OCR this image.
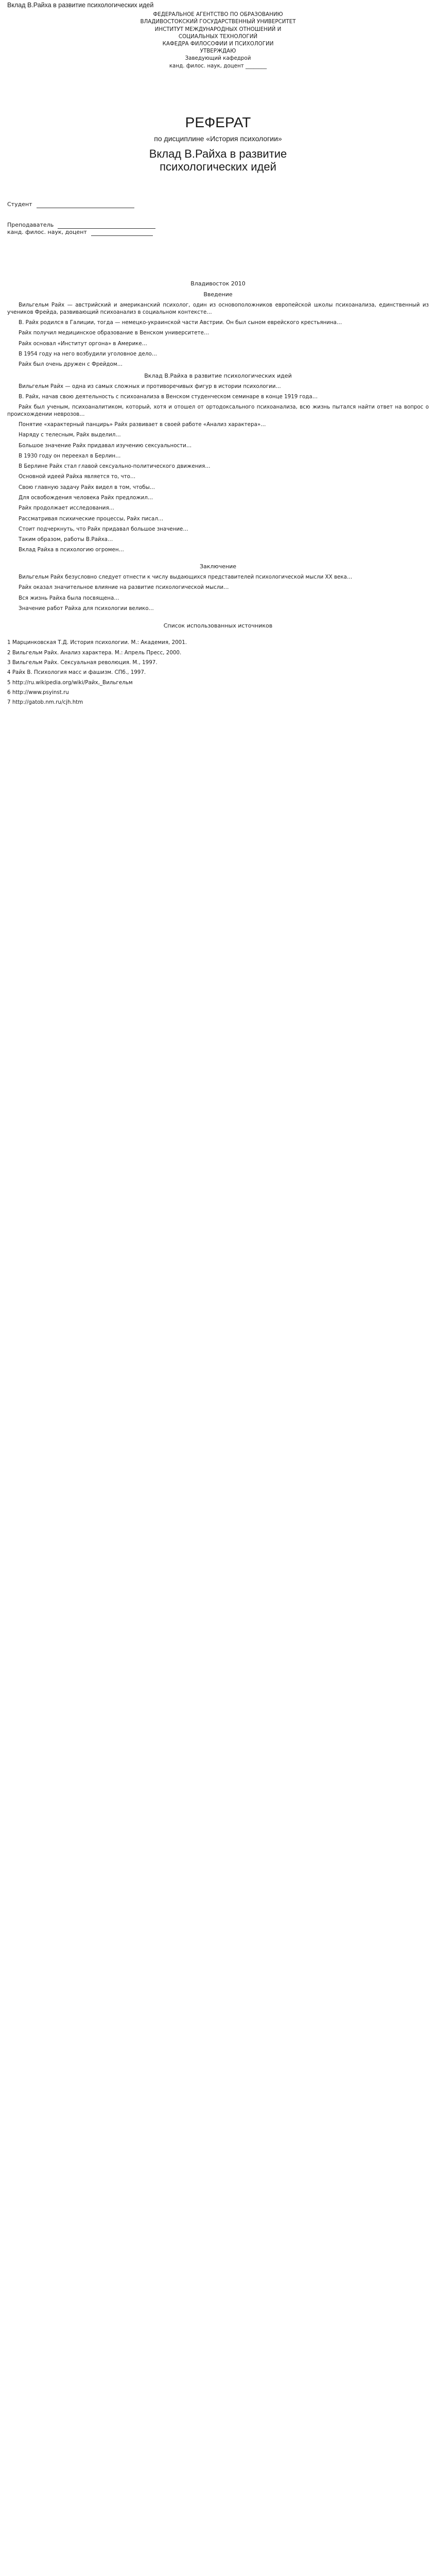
Вклад В.Райха в развитие психологических идей
ФЕДЕРАЛЬНОЕ АГЕНТСТВО ПО ОБРАЗОВАНИЮ
ВЛАДИВОСТОКСКИЙ ГОСУДАРСТВЕННЫЙ УНИВЕРСИТЕТ
ИНСТИТУТ МЕЖДУНАРОДНЫХ ОТНОШЕНИЙ И
СОЦИАЛЬНЫХ ТЕХНОЛОГИЙ
КАФЕДРА ФИЛОСОФИИ И ПСИХОЛОГИИ
УТВЕРЖДАЮ
Заведующий кафедрой
канд. филос. наук, доцент ________
РЕФЕРАТ
по дисциплине «История психологии»
Вклад В.Райха в развитие
психологических идей
Студент
Преподаватель
канд. филос. наук, доцент
Владивосток 2010
Введение

Вильгельм Райх — австрийский и американский психолог, один из основоположников европейской школы психоанализа, единственный из учеников Фрейда, развивающий психоанализ в социальном контексте…

В. Райх родился в Галиции, тогда — немецко-украинской части Австрии. Он был сыном еврейского крестьянина…

Райх получил медицинское образование в Венском университете…

Райх основал «Институт оргона» в Америке…

В 1954 году на него возбудили уголовное дело…

Райх был очень дружен с Фрейдом…

Вклад В.Райха в развитие психологических идей

Вильгельм Райх — одна из самых сложных и противоречивых фигур в истории психологии…

В. Райх, начав свою деятельность с психоанализа в Венском студенческом семинаре в конце 1919 года…

Райх был ученым, психоаналитиком, который, хотя и отошел от ортодоксального психоанализа, всю жизнь пытался найти ответ на вопрос о происхождении неврозов…

Понятие «характерный панцирь» Райх развивает в своей работе «Анализ характера»…

Наряду с телесным, Райх выделил…

Большое значение Райх придавал изучению сексуальности…

В 1930 году он переехал в Берлин…

В Берлине Райх стал главой сексуально-политического движения…

Основной идеей Райха является то, что…

Свою главную задачу Райх видел в том, чтобы…

Для освобождения человека Райх предложил…

Райх продолжает исследования…

Рассматривая психические процессы, Райх писал…

Стоит подчеркнуть, что Райх придавал большое значение…

Таким образом, работы В.Райха…

Вклад Райха в психологию огромен…

Заключение

Вильгельм Райх безусловно следует отнести к числу выдающихся представителей психологической мысли ХХ века…

Райх оказал значительное влияние на развитие психологической мысли…

Вся жизнь Райха была посвящена…

Значение работ Райха для психологии велико…

Список использованных источников
1 Марцинковская Т.Д. История психологии. М.: Академия, 2001.
2 Вильгельм Райх. Анализ характера. М.: Апрель Пресс, 2000.
3 Вильгельм Райх. Сексуальная революция. М., 1997.
4 Райх В. Психология масс и фашизм. СПб., 1997.
5 http://ru.wikipedia.org/wiki/Райх,_Вильгельм
6 http://www.psyinst.ru
7 http://gatob.nm.ru/cjh.htm
